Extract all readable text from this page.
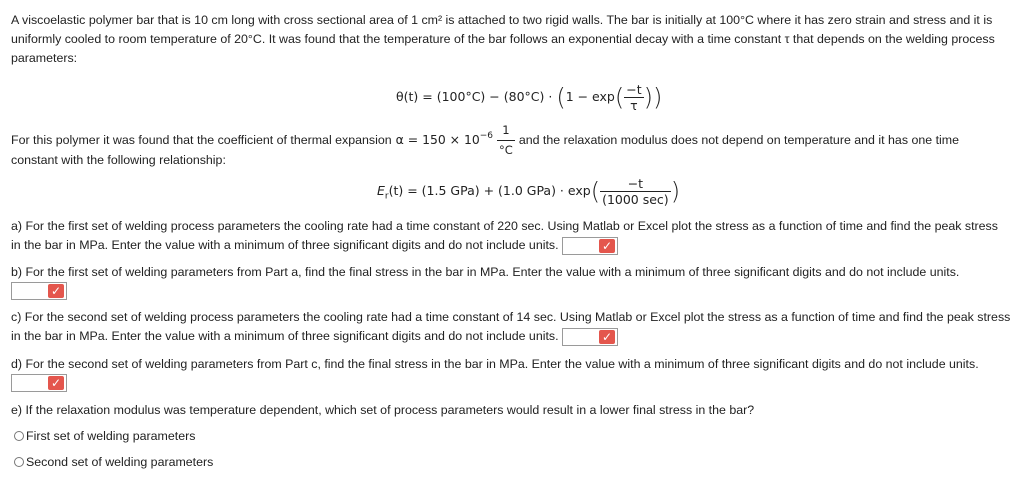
A viscoelastic polymer bar that is 10 cm long with cross sectional area of 1 cm² is attached to two rigid walls. The bar is initially at 100°C where it has zero strain and stress and it is uniformly cooled to room temperature of 20°C. It was found that the temperature of the bar follows an exponential decay with a time constant τ that depends on the welding process parameters:
$\theta(t) = (100^\circ C) - (80^\circ C) \cdot (1 - \exp( \frac{-t}{\tau}$ ))
For this polymer it was found that the coefficient of thermal expansion $\alpha = 150 \times 10^{-6} \frac{1}{^\circ C}$ and the relaxation modulus does not depend on temperature and it has one time
constant with the following relationship:
$E_r(t) = (1.5$ GPa) + (1.0 $GPa) \cdot \exp( \frac{-t}{(1000 \sec)}$ )
a) For the first set of welding process parameters the cooling rate had a time constant of 220 sec. Using Matlab or Excel plot the stress as a function of time and find the peak stress in the bar in MPa. Enter the value with a minimum of three significant digits and do not include units.	✓
b) For the first set of welding parameters from Part a, find the final stress in the bar in MPa. Enter the value with a minimum of three significant digits and do not include units.
✓
c) For the second set of welding process parameters the cooling rate had a time constant of 14 sec. Using Matlab or Excel plot the stress as a function of time and find the peak stress in the bar in MPa. Enter the value with a minimum of three significant digits and do not include units.	✓
d) For the second set of welding parameters from Part c, find the final stress in the bar in MPa. Enter the value with a minimum of three significant digits and do not include units.
✓
e) If the relaxation modulus was temperature dependent, which set of process parameters would result in a lower final stress in the bar?
First set of welding parameters
Second set of welding parameters
